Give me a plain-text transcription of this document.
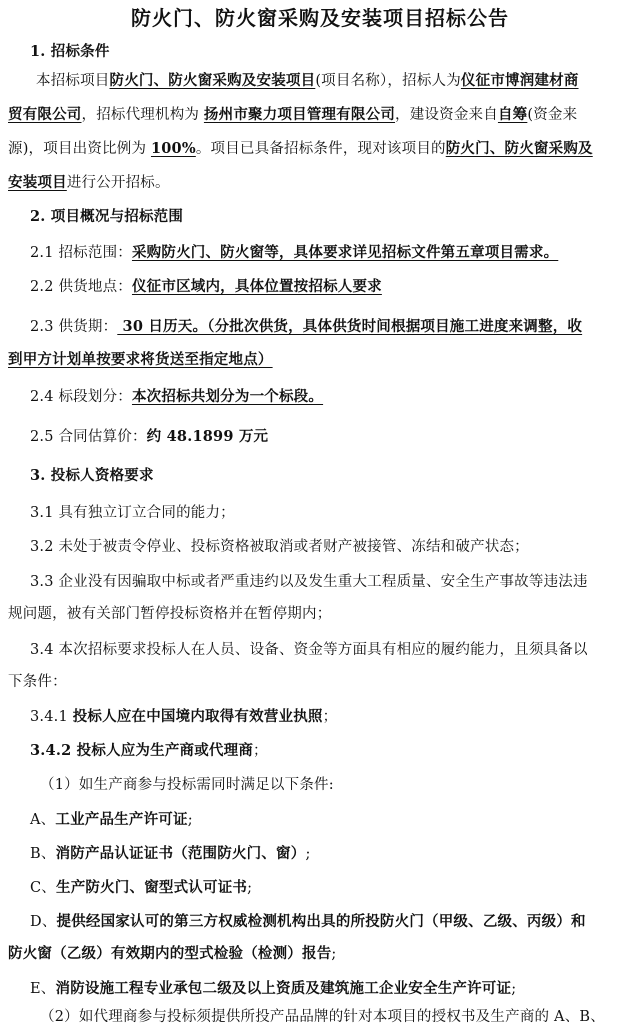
防火门、防火窗采购及安装项目招标公告
1. 招标条件
本招标项目防火门、防火窗采购及安装项目(项目名称），招标人为仪征市博润建材商
贸有限公司，招标代理机构为 扬州市聚力项目管理有限公司，建设资金来自自筹(资金来
源)，项目出资比例为 100%。项目已具备招标条件，现对该项目的防火门、防火窗采购及
安装项目进行公开招标。
2. 项目概况与招标范围
2.1 招标范围：采购防火门、防火窗等，具体要求详见招标文件第五章项目需求。
2.2 供货地点：仪征市区域内，具体位置按招标人要求
2.3 供货期： 30 日历天。（分批次供货，具体供货时间根据项目施工进度来调整，收
到甲方计划单按要求将货送至指定地点）
2.4 标段划分：本次招标共划分为一个标段。
2.5 合同估算价：约 48.1899 万元
3. 投标人资格要求
3.1 具有独立订立合同的能力；
3.2 未处于被责令停业、投标资格被取消或者财产被接管、冻结和破产状态；
3.3 企业没有因骗取中标或者严重违约以及发生重大工程质量、安全生产事故等违法违
规问题，被有关部门暂停投标资格并在暂停期内；
3.4 本次招标要求投标人在人员、设备、资金等方面具有相应的履约能力，且须具备以
下条件：
3.4.1 投标人应在中国境内取得有效营业执照；
3.4.2 投标人应为生产商或代理商；
（1）如生产商参与投标需同时满足以下条件:
A、工业产品生产许可证;
B、消防产品认证证书（范围防火门、窗）;
C、生产防火门、窗型式认可证书;
D、提供经国家认可的第三方权威检测机构出具的所投防火门（甲级、乙级、丙级）和
防火窗（乙级）有效期内的型式检验（检测）报告;
E、消防设施工程专业承包二级及以上资质及建筑施工企业安全生产许可证;
（2）如代理商参与投标须提供所投产品品牌的针对本项目的授权书及生产商的 A、B、
